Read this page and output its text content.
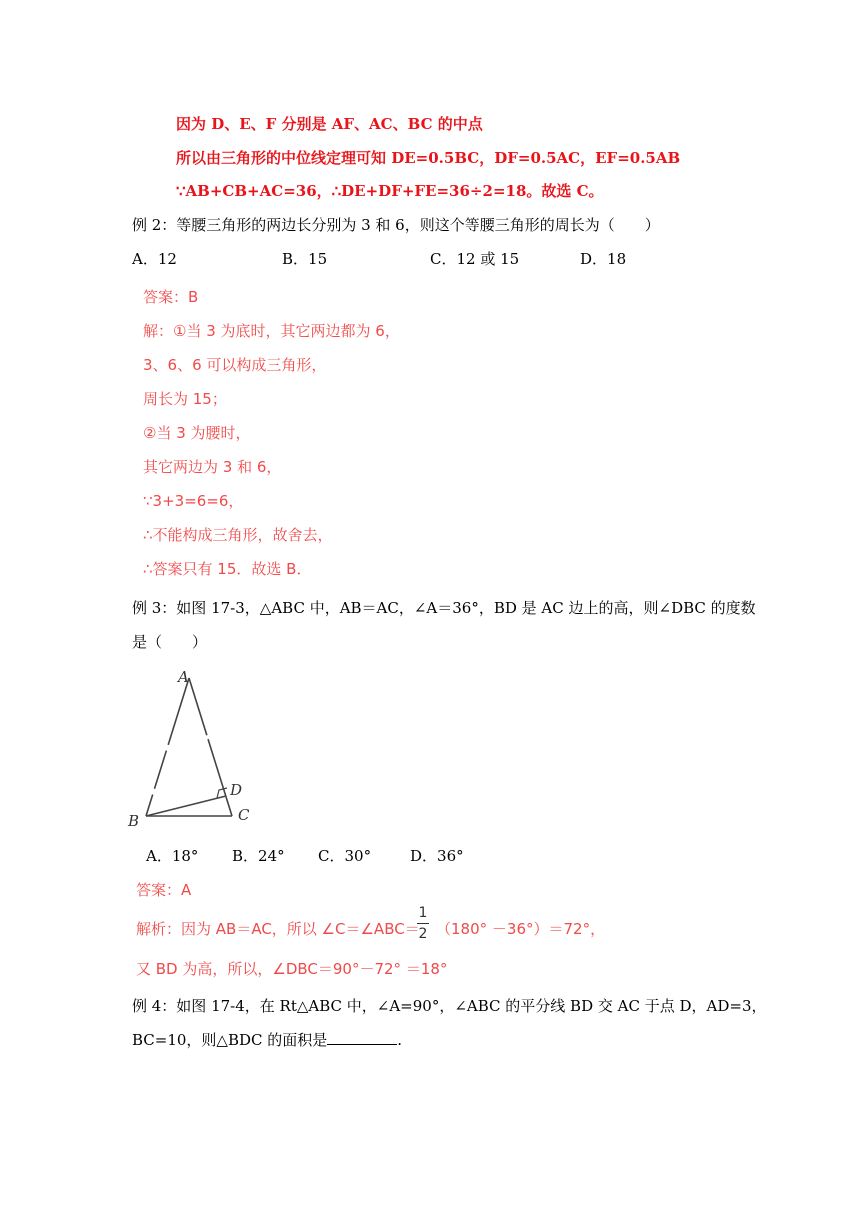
因为 D、E、F 分别是 AF、AC、BC 的中点
所以由三角形的中位线定理可知 DE=0.5BC，DF=0.5AC，EF=0.5AB
∵AB+CB+AC=36，∴DE+DF+FE=36÷2=18。故选 C。
例 2：等腰三角形的两边长分别为 3 和 6，则这个等腰三角形的周长为（　　）
A．12	B．15	C．12 或 15	D．18
答案：B
解：①当 3 为底时，其它两边都为 6，
3、6、6 可以构成三角形，
周长为 15；
②当 3 为腰时，
其它两边为 3 和 6，
∵3+3=6=6，
∴不能构成三角形，故舍去，
∴答案只有 15．故选 B．
例 3：如图 17-3，△ABC 中，AB＝AC，∠A＝36°，BD 是 AC 边上的高，则∠DBC 的度数
是（　　）
A
B	C
D
A．18° B．24° C．30°	D．36°
答案：A
解析：因为 AB＝AC，所以 ∠C＝∠ABC＝
1
2 （180° －36°）＝72°，
又 BD 为高，所以，∠DBC＝90°－72° ＝18°
例 4：如图 17-4，在 Rt△ABC 中，∠A=90°，∠ABC 的平分线 BD 交 AC 于点 D，AD=3，
BC=10，则△BDC 的面积是	.
